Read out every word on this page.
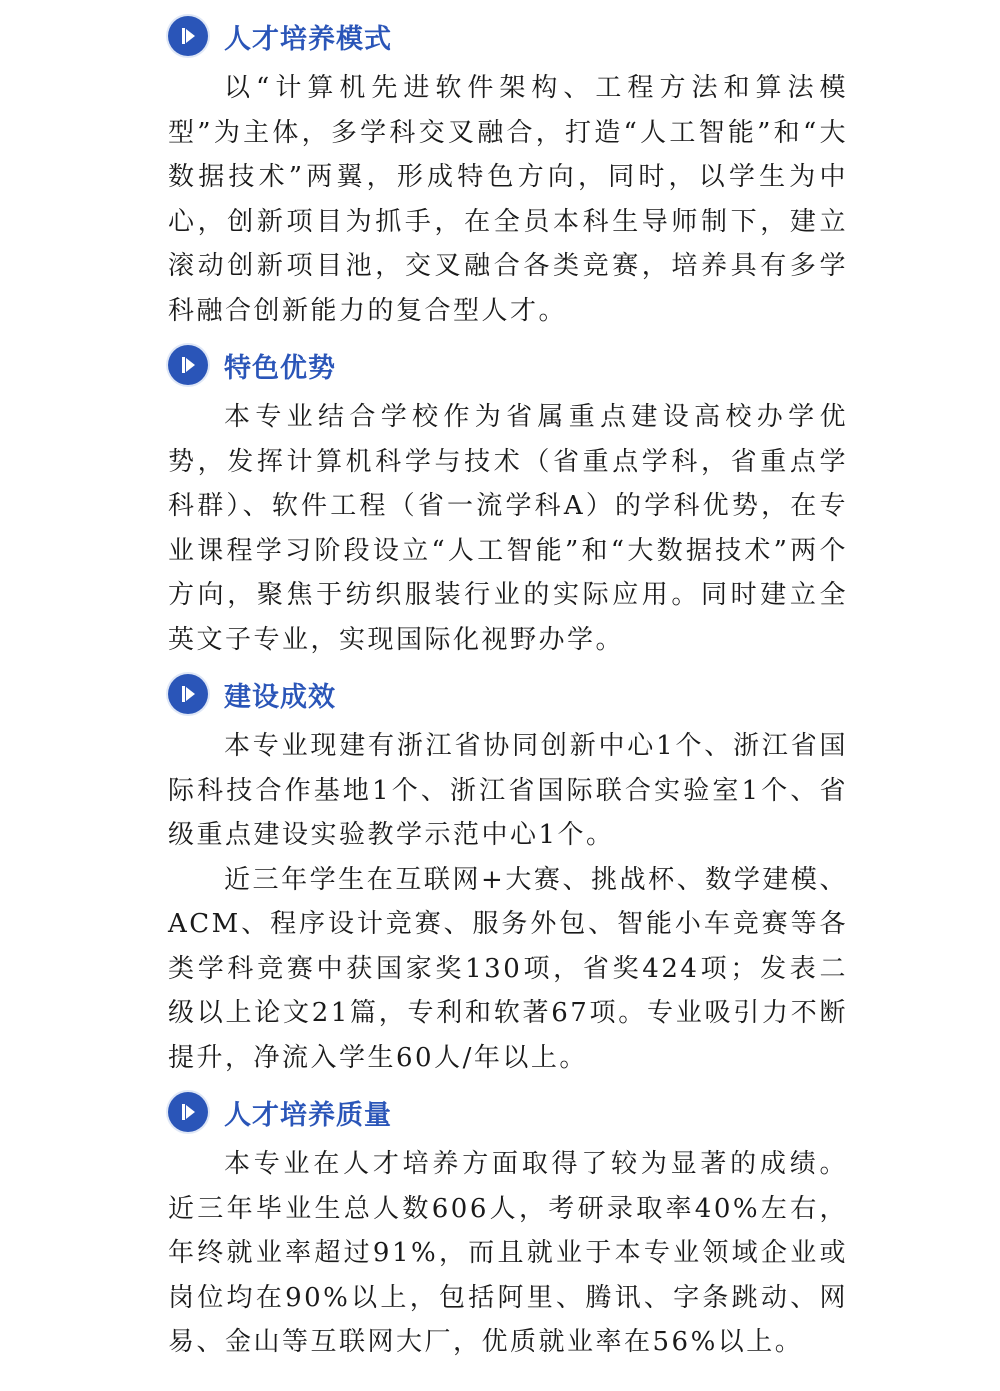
人才培养模式

以“计算机先进软件架构、工程方法和算法模型”为主体，多学科交叉融合，打造“人工智能”和“大数据技术”两翼，形成特色方向，同时，以学生为中心，创新项目为抓手，在全员本科生导师制下，建立滚动创新项目池，交叉融合各类竞赛，培养具有多学科融合创新能力的复合型人才。

特色优势

本专业结合学校作为省属重点建设高校办学优势，发挥计算机科学与技术（省重点学科，省重点学科群）、软件工程（省一流学科A）的学科优势，在专业课程学习阶段设立“人工智能”和“大数据技术”两个方向，聚焦于纺织服装行业的实际应用。同时建立全英文子专业，实现国际化视野办学。

建设成效

本专业现建有浙江省协同创新中心1个、浙江省国际科技合作基地1个、浙江省国际联合实验室1个、省级重点建设实验教学示范中心1个。

近三年学生在互联网+大赛、挑战杯、数学建模、ACM、程序设计竞赛、服务外包、智能小车竞赛等各类学科竞赛中获国家奖130项，省奖424项；发表二级以上论文21篇，专利和软著67项。专业吸引力不断提升，净流入学生60人/年以上。

人才培养质量

本专业在人才培养方面取得了较为显著的成绩。近三年毕业生总人数606人，考研录取率40%左右，年终就业率超过91%，而且就业于本专业领域企业或岗位均在90%以上，包括阿里、腾讯、字条跳动、网易、金山等互联网大厂，优质就业率在56%以上。
